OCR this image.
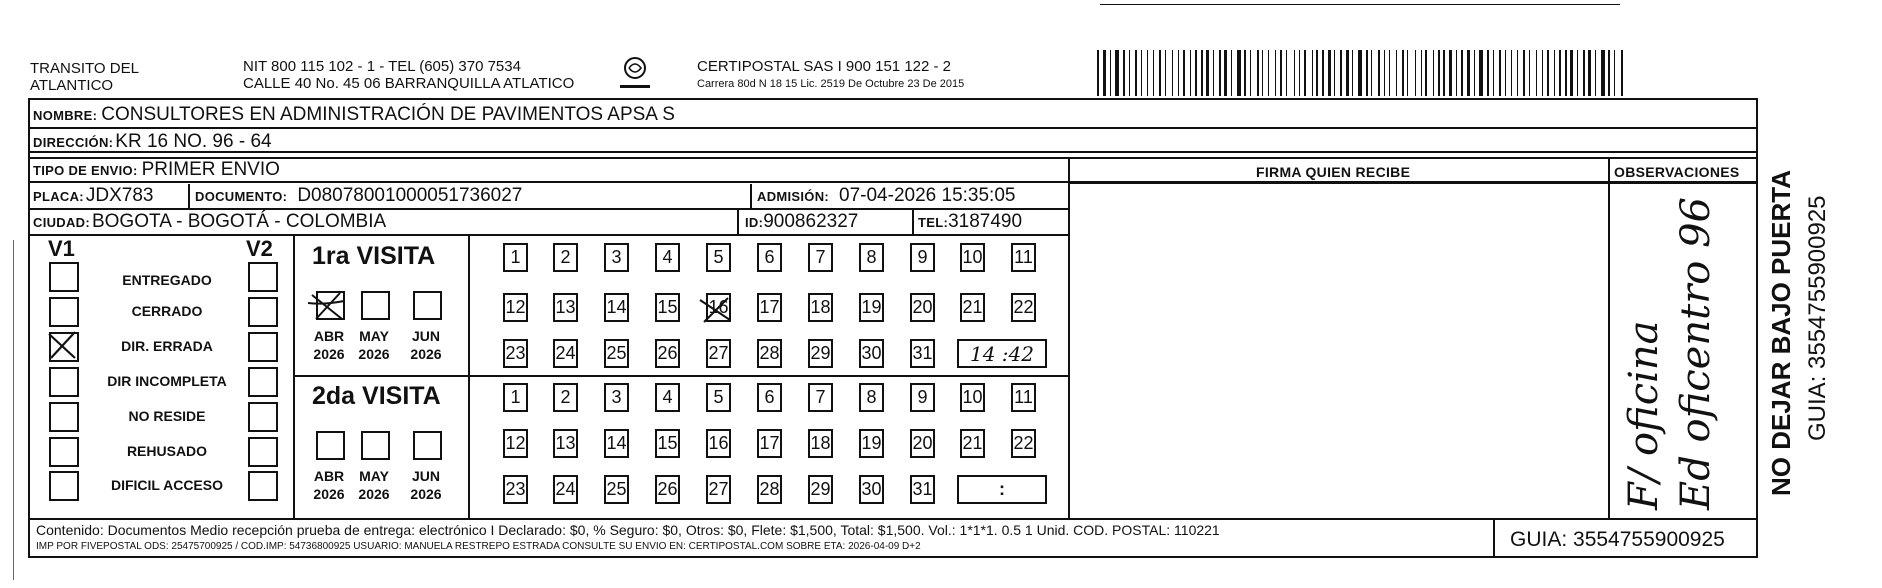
TRANSITO DEL
ATLANTICO
NIT 800 115 102 - 1 - TEL (605) 370 7534
CALLE 40 No. 45 06 BARRANQUILLA ATLATICO
CERTIPOSTAL SAS I 900 151 122 - 2
Carrera 80d N 18 15 Lic. 2519 De Octubre 23 De 2015
NOMBRE: CONSULTORES EN ADMINISTRACIÓN DE PAVIMENTOS APSA S
DIRECCIÓN: KR 16 NO. 96 - 64
TIPO DE ENVIO: PRIMER ENVIO	FIRMA QUIEN RECIBE	OBSERVACIONES
PLACA: JDX783	DOCUMENTO: D08078001000051736027	ADMISIÓN: 07-04-2026 15:35:05
CIUDAD: BOGOTA - BOGOTÁ - COLOMBIA	ID: 900862327	TEL: 3187490
V1	V2
ENTREGADO
CERRADO
DIR. ERRADA
DIR INCOMPLETA
NO RESIDE
REHUSADO
DIFICIL ACCESO
1ra VISITA
2da VISITA
ABR
2026
MAY
2026
JUN
2026
1	2	3	4	5	6	7	8	9	10 11
12 13 14 15 16 17 18 19 20 21 22
23 24 25 26 27 28 29 30 31	14 :42
ABR
2026
MAY
2026
JUN
2026
1	2	3	4	5	6	7	8	9	10 11
12 13 14 15 16 17 18 19 20 21 22
23 24 25 26 27 28 29 30 31	:	F/ oficina Ed oficentro 96
Contenido: Documentos Medio recepción prueba de entrega: electrónico I Declarado: $0, % Seguro: $0, Otros: $0, Flete: $1,500, Total: $1,500. Vol.: 1*1*1. 0.5 1 Unid. COD. POSTAL: 110221
IMP POR FIVEPOSTAL ODS: 25475700925 / COD.IMP: 54736800925 USUARIO: MANUELA RESTREPO ESTRADA CONSULTE SU ENVIO EN: CERTIPOSTAL.COM SOBRE ETA: 2026-04-09 D+2	GUIA: 3554755900925
NO DEJAR BAJO PUERTA GUIA: 3554755900925
